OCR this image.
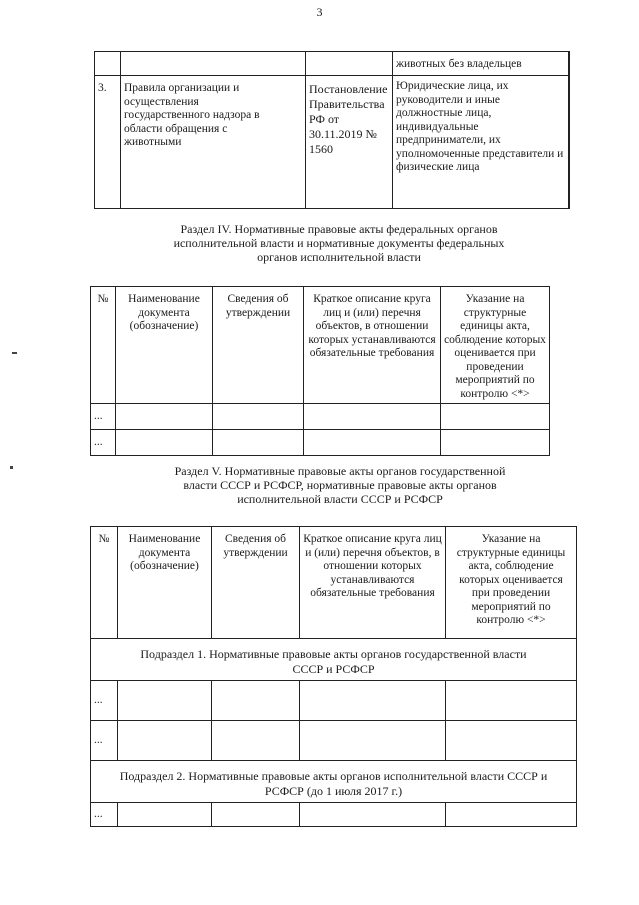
3
			животных без владельцев	
3.	Правила организации и осуществления государственного надзора в области обращения с животными	Постановление Правительства РФ от 30.11.2019 № 1560	Юридические лица, их руководители и иные должностные лица, индивидуальные предприниматели, их уполномоченные представители и физические лица	
Раздел IV. Нормативные правовые акты федеральных органов исполнительной власти и нормативные документы федеральных органов исполнительной власти
№	Наименование документа (обозначение)	Сведения об утверждении	Краткое описание круга лиц и (или) перечня объектов, в отношении которых устанавливаются обязательные требования	Указание на структурные единицы акта, соблюдение которых оценивается при проведении мероприятий по контролю <*>
...				
...				
Раздел V. Нормативные правовые акты органов государственной власти СССР и РСФСР, нормативные правовые акты органов исполнительной власти СССР и РСФСР
№	Наименование документа (обозначение)	Сведения об утверждении	Краткое описание круга лиц и (или) перечня объектов, в отношении которых устанавливаются обязательные требования	Указание на структурные единицы акта, соблюдение которых оценивается при проведении мероприятий по контролю <*>
Подраздел 1. Нормативные правовые акты органов государственной власти СССР и РСФСР				
...				
...				
Подраздел 2. Нормативные правовые акты органов исполнительной власти СССР и РСФСР (до 1 июля 2017 г.)				
...				
